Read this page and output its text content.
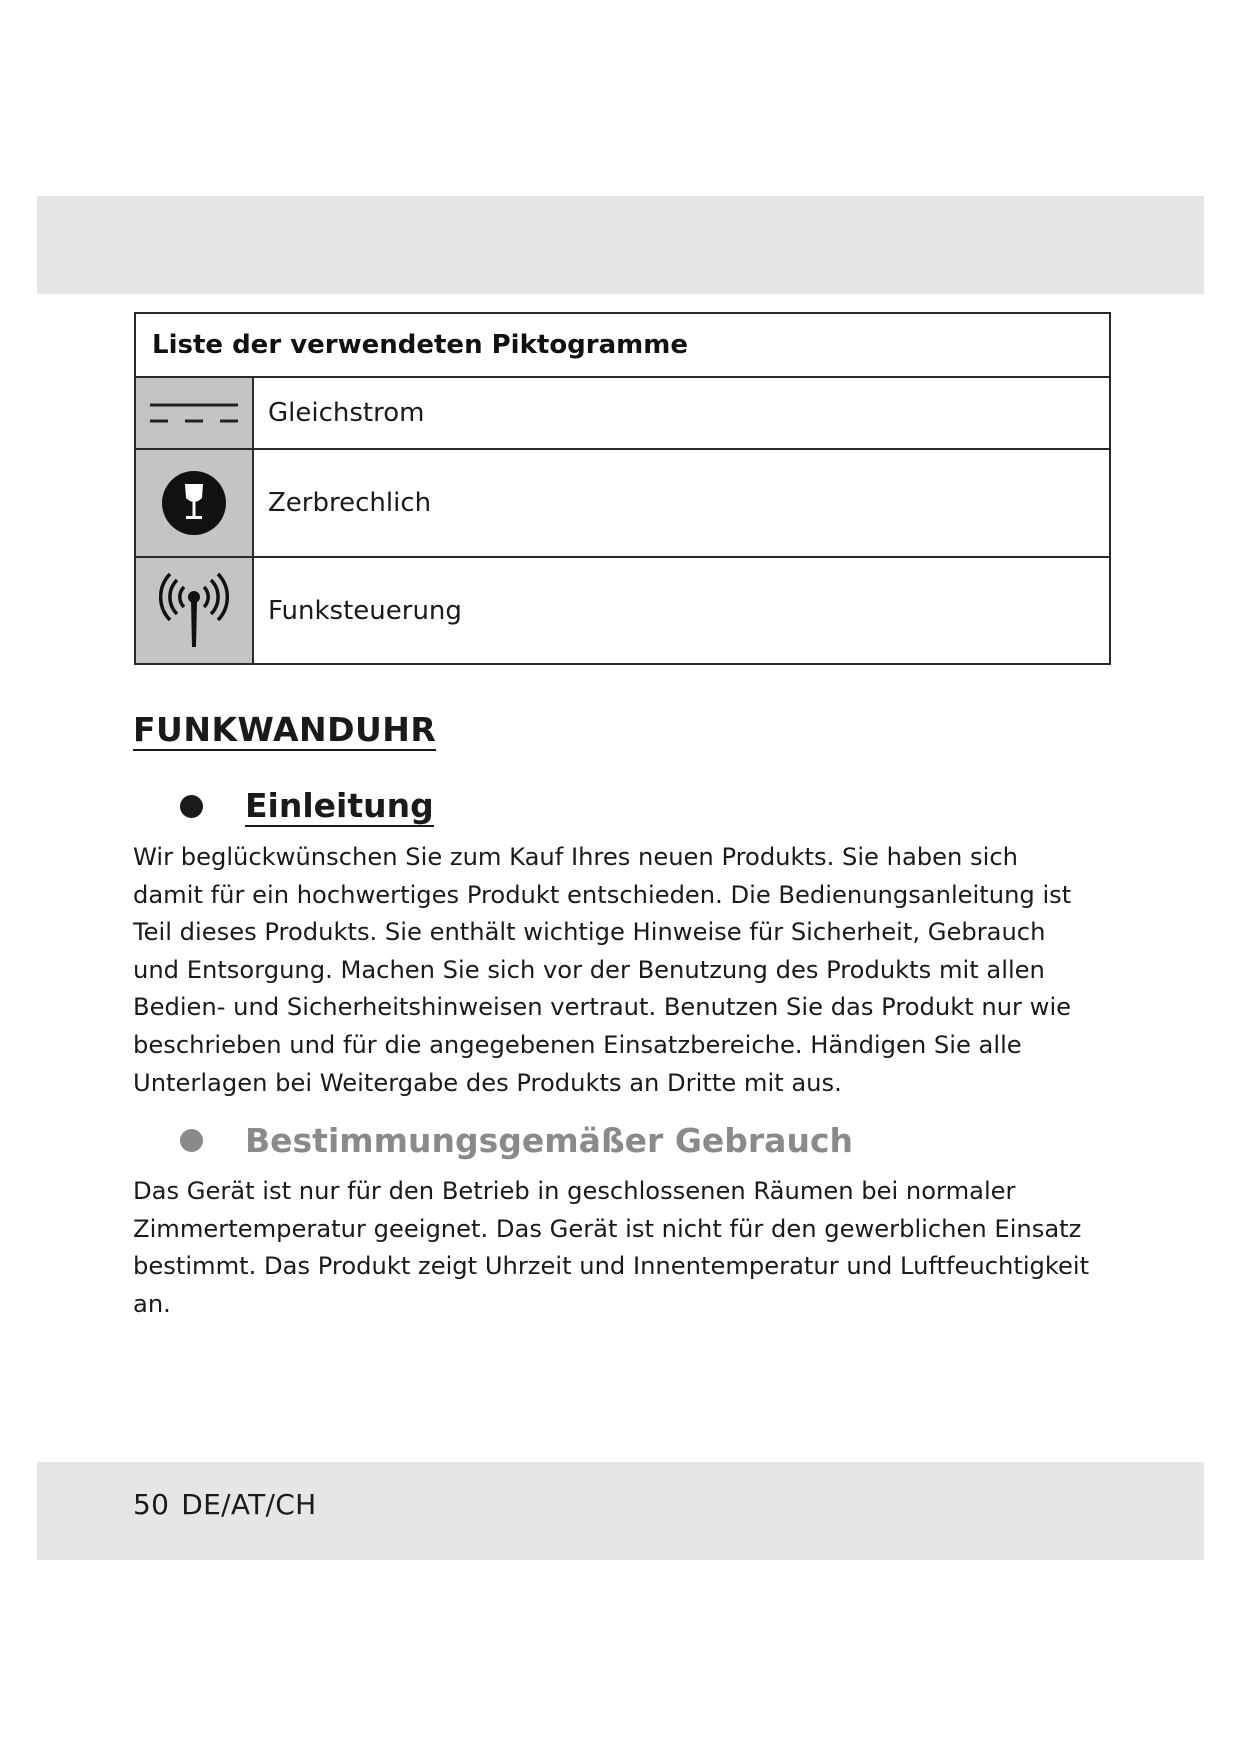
Liste der verwendeten Piktogramme
Gleichstrom
Zerbrechlich
Funksteuerung
FUNKWANDUHR
Einleitung

Wir beglückwünschen Sie zum Kauf Ihres neuen Produkts. Sie haben sich damit für ein hochwertiges Produkt entschieden. Die Bedienungsanleitung ist Teil dieses Produkts. Sie enthält wichtige Hinweise für Sicherheit, Gebrauch und Entsorgung. Machen Sie sich vor der Benutzung des Produkts mit allen Bedien- und Sicherheitshinweisen vertraut. Benutzen Sie das Produkt nur wie beschrieben und für die angegebenen Einsatzbereiche. Händigen Sie alle Unterlagen bei Weitergabe des Produkts an Dritte mit aus.

Bestimmungsgemäßer Gebrauch

Das Gerät ist nur für den Betrieb in geschlossenen Räumen bei normaler Zimmertemperatur geeignet. Das Gerät ist nicht für den gewerblichen Einsatz bestimmt. Das Produkt zeigt Uhrzeit und Innentemperatur und Luftfeuchtigkeit an.

50 DE/AT/CH
